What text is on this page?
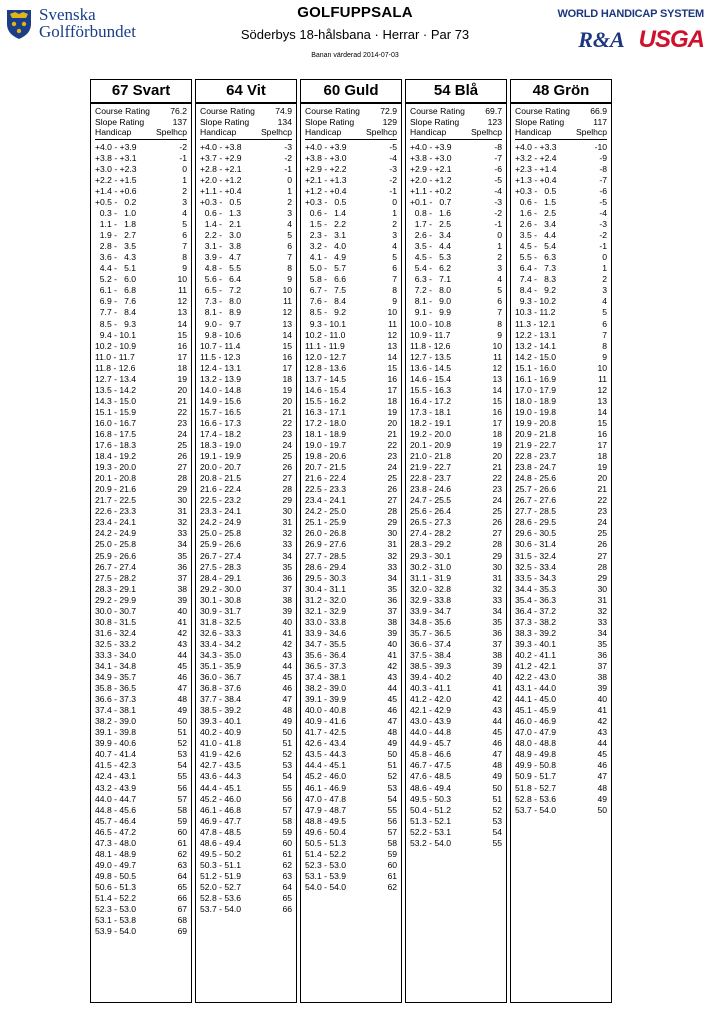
Svenska
Golfförbundet
GOLFUPPSALA
Söderbys 18-hålsbana · Herrar · Par 73
Banan värderad 2014-07-03
WORLD HANDICAP SYSTEM
R&A USGA
67 Svart
Course Rating 76.2
Slope Rating	137
Handicap	Spelhcp
+4.0 - +3.9	-2
+3.8 - +3.1	-1
+3.0 - +2.3	0
+2.2 - +1.5	1
+1.4 - +0.6	2
+0.5 -   0.2	3
0.3 -   1.0	4
1.1 -   1.8	5
1.9 -   2.7	6
2.8 -   3.5	7
3.6 -   4.3	8
4.4 -   5.1	9
5.2 -   6.0	10
6.1 -   6.8	11
6.9 -   7.6	12
7.7 -   8.4	13
8.5 -   9.3	14
9.4 - 10.1	15
10.2 - 10.9	16
11.0 - 11.7	17
11.8 - 12.6	18
12.7 - 13.4	19
13.5 - 14.2	20
14.3 - 15.0	21
15.1 - 15.9	22
16.0 - 16.7	23
16.8 - 17.5	24
17.6 - 18.3	25
18.4 - 19.2	26
19.3 - 20.0	27
20.1 - 20.8	28
20.9 - 21.6	29
21.7 - 22.5	30
22.6 - 23.3	31
23.4 - 24.1	32
24.2 - 24.9	33
25.0 - 25.8	34
25.9 - 26.6	35
26.7 - 27.4	36
27.5 - 28.2	37
28.3 - 29.1	38
29.2 - 29.9	39
30.0 - 30.7	40
30.8 - 31.5	41
31.6 - 32.4	42
32.5 - 33.2	43
33.3 - 34.0	44
34.1 - 34.8	45
34.9 - 35.7	46
35.8 - 36.5	47
36.6 - 37.3	48
37.4 - 38.1	49
38.2 - 39.0	50
39.1 - 39.8	51
39.9 - 40.6	52
40.7 - 41.4	53
41.5 - 42.3	54
42.4 - 43.1	55
43.2 - 43.9	56
44.0 - 44.7	57
44.8 - 45.6	58
45.7 - 46.4	59
46.5 - 47.2	60
47.3 - 48.0	61
48.1 - 48.9	62
49.0 - 49.7	63
49.8 - 50.5	64
50.6 - 51.3	65
51.4 - 52.2	66
52.3 - 53.0	67
53.1 - 53.8	68
53.9 - 54.0	69
64 Vit
Course Rating 74.9
Slope Rating	134
Handicap	Spelhcp
+4.0 - +3.8	-3
+3.7 - +2.9	-2
+2.8 - +2.1	-1
+2.0 - +1.2	0
+1.1 - +0.4	1
+0.3 -   0.5	2
0.6 -   1.3	3
1.4 -   2.1	4
2.2 -   3.0	5
3.1 -   3.8	6
3.9 -   4.7	7
4.8 -   5.5	8
5.6 -   6.4	9
6.5 -   7.2	10
7.3 -   8.0	11
8.1 -   8.9	12
9.0 -   9.7	13
9.8 - 10.6	14
10.7 - 11.4	15
11.5 - 12.3	16
12.4 - 13.1	17
13.2 - 13.9	18
14.0 - 14.8	19
14.9 - 15.6	20
15.7 - 16.5	21
16.6 - 17.3	22
17.4 - 18.2	23
18.3 - 19.0	24
19.1 - 19.9	25
20.0 - 20.7	26
20.8 - 21.5	27
21.6 - 22.4	28
22.5 - 23.2	29
23.3 - 24.1	30
24.2 - 24.9	31
25.0 - 25.8	32
25.9 - 26.6	33
26.7 - 27.4	34
27.5 - 28.3	35
28.4 - 29.1	36
29.2 - 30.0	37
30.1 - 30.8	38
30.9 - 31.7	39
31.8 - 32.5	40
32.6 - 33.3	41
33.4 - 34.2	42
34.3 - 35.0	43
35.1 - 35.9	44
36.0 - 36.7	45
36.8 - 37.6	46
37.7 - 38.4	47
38.5 - 39.2	48
39.3 - 40.1	49
40.2 - 40.9	50
41.0 - 41.8	51
41.9 - 42.6	52
42.7 - 43.5	53
43.6 - 44.3	54
44.4 - 45.1	55
45.2 - 46.0	56
46.1 - 46.8	57
46.9 - 47.7	58
47.8 - 48.5	59
48.6 - 49.4	60
49.5 - 50.2	61
50.3 - 51.1	62
51.2 - 51.9	63
52.0 - 52.7	64
52.8 - 53.6	65
53.7 - 54.0	66
60 Guld
Course Rating 72.9
Slope Rating	129
Handicap	Spelhcp
+4.0 - +3.9	-5
+3.8 - +3.0	-4
+2.9 - +2.2	-3
+2.1 - +1.3	-2
+1.2 - +0.4	-1
+0.3 -   0.5	0
0.6 -   1.4	1
1.5 -   2.2	2
2.3 -   3.1	3
3.2 -   4.0	4
4.1 -   4.9	5
5.0 -   5.7	6
5.8 -   6.6	7
6.7 -   7.5	8
7.6 -   8.4	9
8.5 -   9.2	10
9.3 - 10.1	11
10.2 - 11.0	12
11.1 - 11.9	13
12.0 - 12.7	14
12.8 - 13.6	15
13.7 - 14.5	16
14.6 - 15.4	17
15.5 - 16.2	18
16.3 - 17.1	19
17.2 - 18.0	20
18.1 - 18.9	21
19.0 - 19.7	22
19.8 - 20.6	23
20.7 - 21.5	24
21.6 - 22.4	25
22.5 - 23.3	26
23.4 - 24.1	27
24.2 - 25.0	28
25.1 - 25.9	29
26.0 - 26.8	30
26.9 - 27.6	31
27.7 - 28.5	32
28.6 - 29.4	33
29.5 - 30.3	34
30.4 - 31.1	35
31.2 - 32.0	36
32.1 - 32.9	37
33.0 - 33.8	38
33.9 - 34.6	39
34.7 - 35.5	40
35.6 - 36.4	41
36.5 - 37.3	42
37.4 - 38.1	43
38.2 - 39.0	44
39.1 - 39.9	45
40.0 - 40.8	46
40.9 - 41.6	47
41.7 - 42.5	48
42.6 - 43.4	49
43.5 - 44.3	50
44.4 - 45.1	51
45.2 - 46.0	52
46.1 - 46.9	53
47.0 - 47.8	54
47.9 - 48.7	55
48.8 - 49.5	56
49.6 - 50.4	57
50.5 - 51.3	58
51.4 - 52.2	59
52.3 - 53.0	60
53.1 - 53.9	61
54.0 - 54.0	62
54 Blå
Course Rating 69.7
Slope Rating	123
Handicap	Spelhcp
+4.0 - +3.9	-8
+3.8 - +3.0	-7
+2.9 - +2.1	-6
+2.0 - +1.2	-5
+1.1 - +0.2	-4
+0.1 -   0.7	-3
0.8 -   1.6	-2
1.7 -   2.5	-1
2.6 -   3.4	0
3.5 -   4.4	1
4.5 -   5.3	2
5.4 -   6.2	3
6.3 -   7.1	4
7.2 -   8.0	5
8.1 -   9.0	6
9.1 -   9.9	7
10.0 - 10.8	8
10.9 - 11.7	9
11.8 - 12.6	10
12.7 - 13.5	11
13.6 - 14.5	12
14.6 - 15.4	13
15.5 - 16.3	14
16.4 - 17.2	15
17.3 - 18.1	16
18.2 - 19.1	17
19.2 - 20.0	18
20.1 - 20.9	19
21.0 - 21.8	20
21.9 - 22.7	21
22.8 - 23.7	22
23.8 - 24.6	23
24.7 - 25.5	24
25.6 - 26.4	25
26.5 - 27.3	26
27.4 - 28.2	27
28.3 - 29.2	28
29.3 - 30.1	29
30.2 - 31.0	30
31.1 - 31.9	31
32.0 - 32.8	32
32.9 - 33.8	33
33.9 - 34.7	34
34.8 - 35.6	35
35.7 - 36.5	36
36.6 - 37.4	37
37.5 - 38.4	38
38.5 - 39.3	39
39.4 - 40.2	40
40.3 - 41.1	41
41.2 - 42.0	42
42.1 - 42.9	43
43.0 - 43.9	44
44.0 - 44.8	45
44.9 - 45.7	46
45.8 - 46.6	47
46.7 - 47.5	48
47.6 - 48.5	49
48.6 - 49.4	50
49.5 - 50.3	51
50.4 - 51.2	52
51.3 - 52.1	53
52.2 - 53.1	54
53.2 - 54.0	55
48 Grön
Course Rating 66.9
Slope Rating	117
Handicap	Spelhcp
+4.0 - +3.3	-10
+3.2 - +2.4	-9
+2.3 - +1.4	-8
+1.3 - +0.4	-7
+0.3 -   0.5	-6
0.6 -   1.5	-5
1.6 -   2.5	-4
2.6 -   3.4	-3
3.5 -   4.4	-2
4.5 -   5.4	-1
5.5 -   6.3	0
6.4 -   7.3	1
7.4 -   8.3	2
8.4 -   9.2	3
9.3 - 10.2	4
10.3 - 11.2	5
11.3 - 12.1	6
12.2 - 13.1	7
13.2 - 14.1	8
14.2 - 15.0	9
15.1 - 16.0	10
16.1 - 16.9	11
17.0 - 17.9	12
18.0 - 18.9	13
19.0 - 19.8	14
19.9 - 20.8	15
20.9 - 21.8	16
21.9 - 22.7	17
22.8 - 23.7	18
23.8 - 24.7	19
24.8 - 25.6	20
25.7 - 26.6	21
26.7 - 27.6	22
27.7 - 28.5	23
28.6 - 29.5	24
29.6 - 30.5	25
30.6 - 31.4	26
31.5 - 32.4	27
32.5 - 33.4	28
33.5 - 34.3	29
34.4 - 35.3	30
35.4 - 36.3	31
36.4 - 37.2	32
37.3 - 38.2	33
38.3 - 39.2	34
39.3 - 40.1	35
40.2 - 41.1	36
41.2 - 42.1	37
42.2 - 43.0	38
43.1 - 44.0	39
44.1 - 45.0	40
45.1 - 45.9	41
46.0 - 46.9	42
47.0 - 47.9	43
48.0 - 48.8	44
48.9 - 49.8	45
49.9 - 50.8	46
50.9 - 51.7	47
51.8 - 52.7	48
52.8 - 53.6	49
53.7 - 54.0	50
